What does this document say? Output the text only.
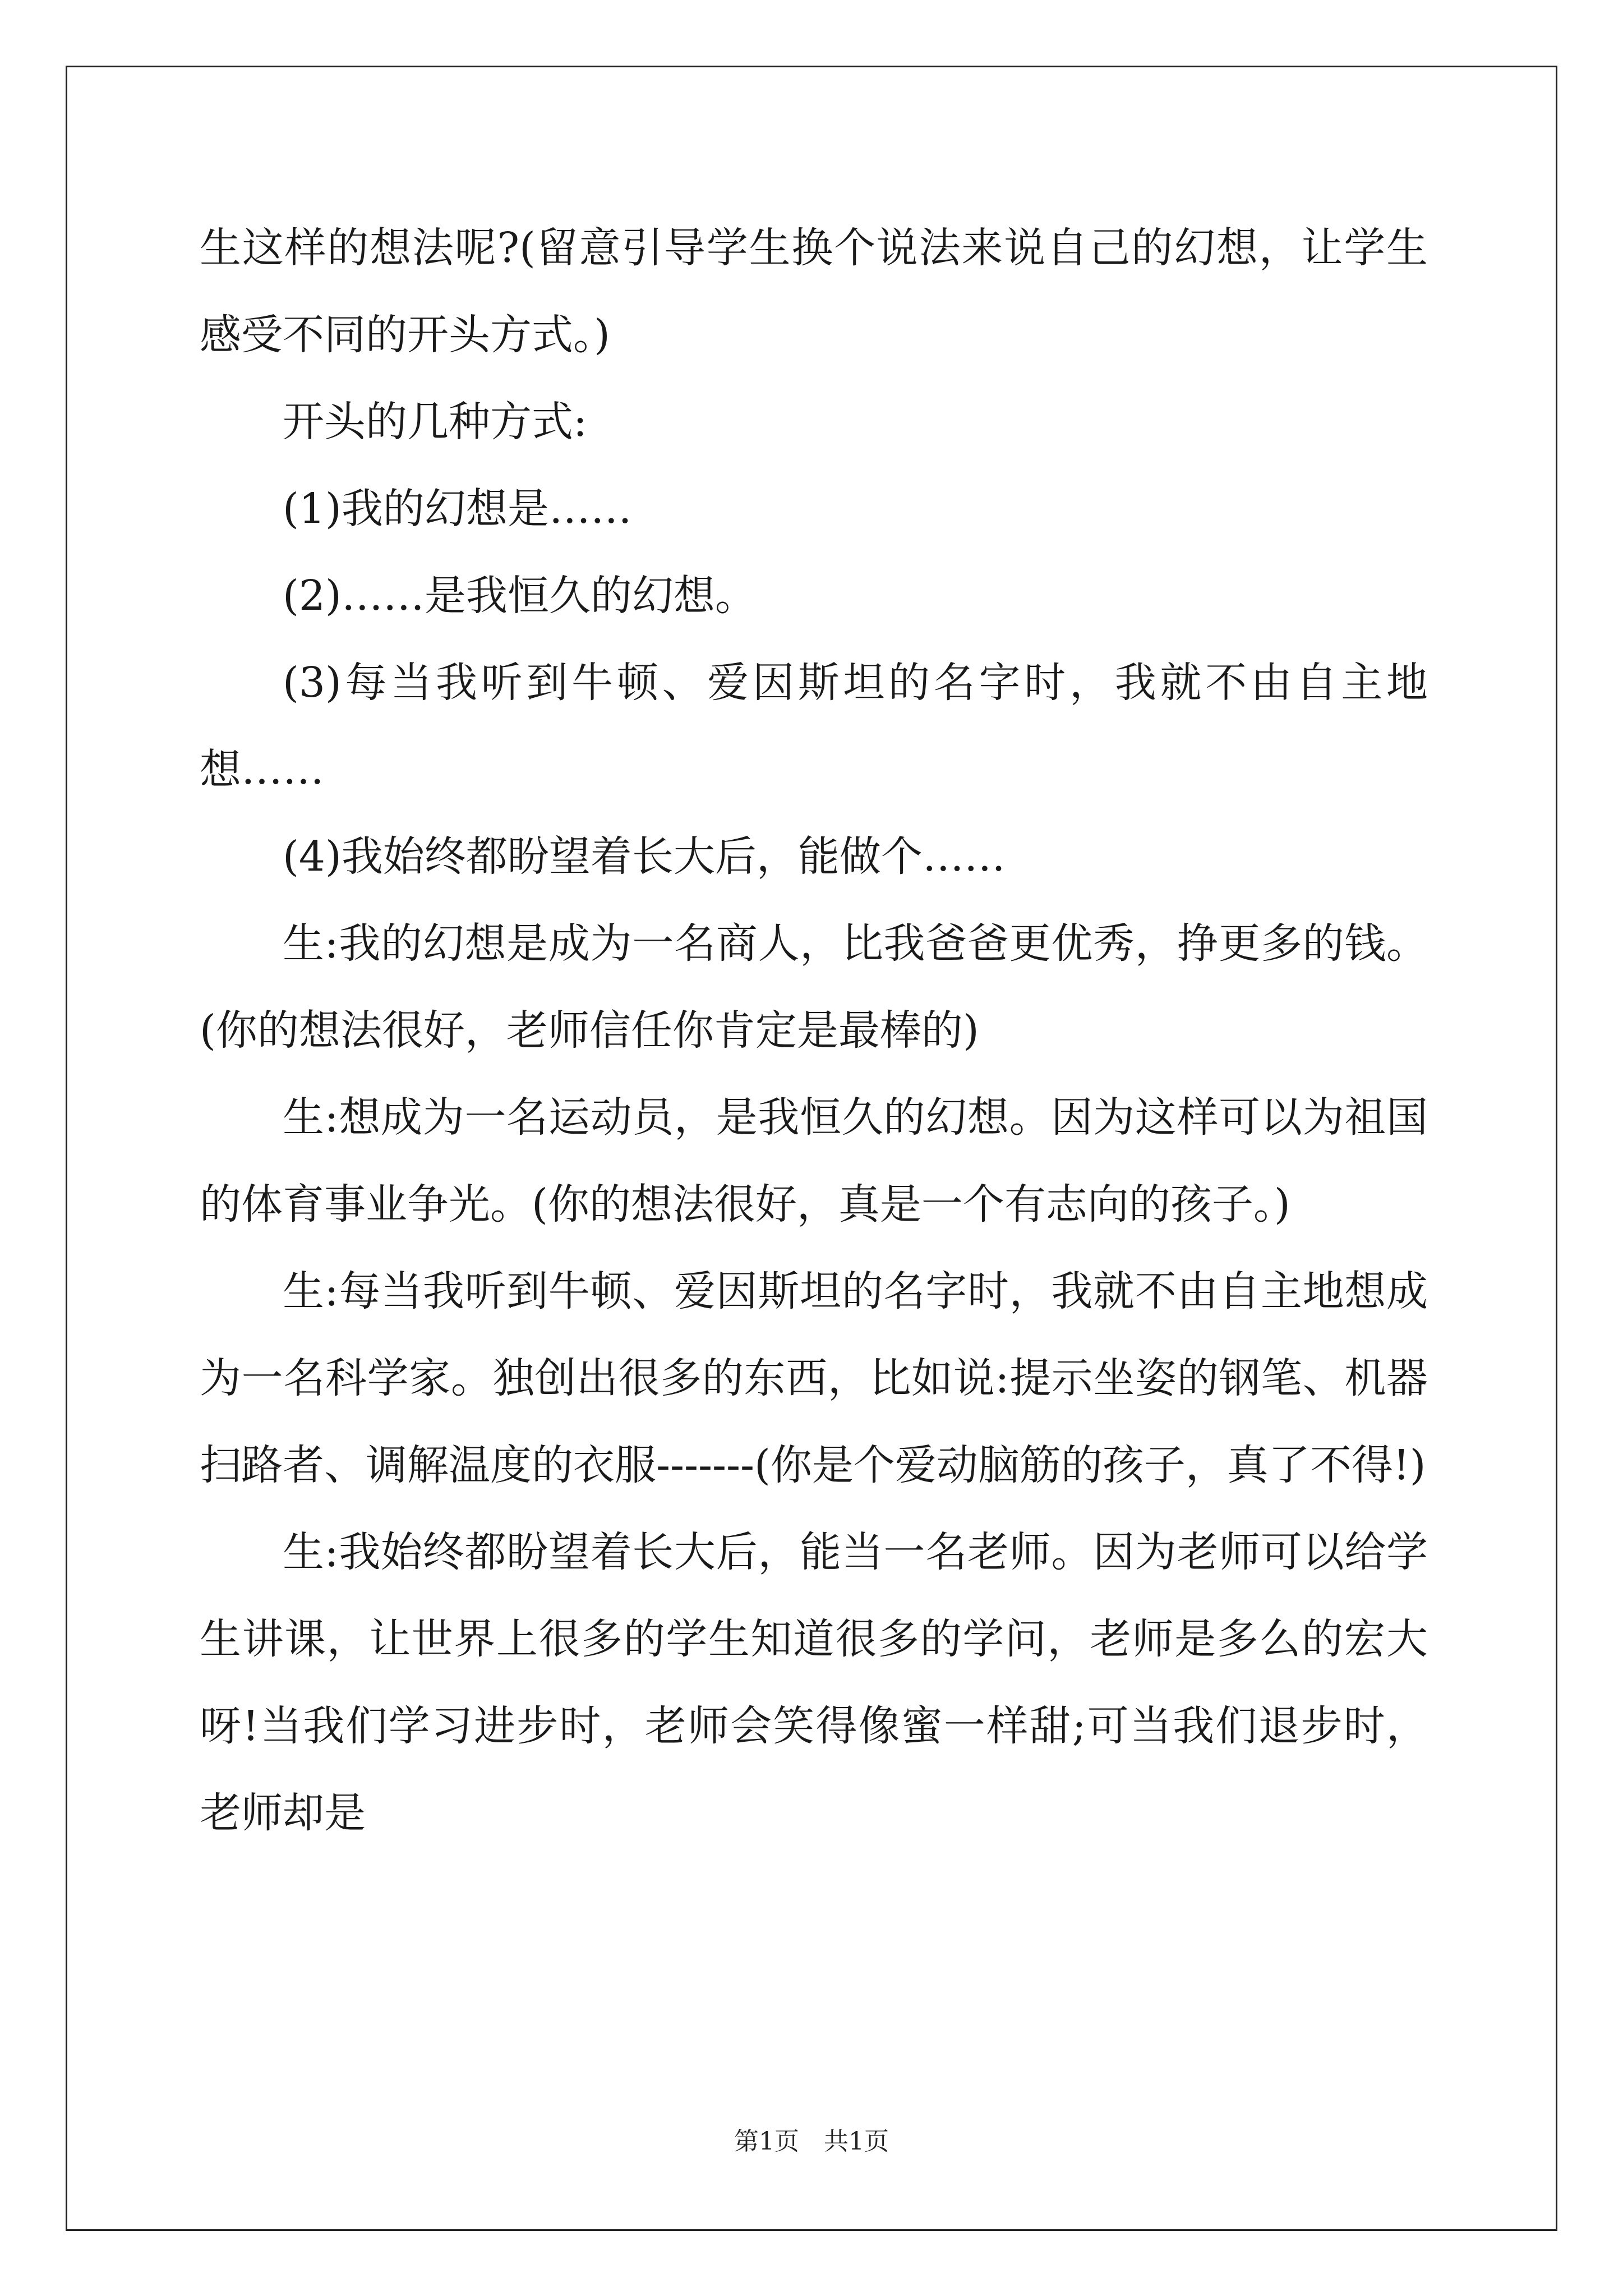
生这样的想法呢?(留意引导学生换个说法来说自己的幻想，让学生感受不同的开头方式。)

开头的几种方式:

(1)我的幻想是……

(2)……是我恒久的幻想。

(3)每当我听到牛顿、爱因斯坦的名字时，我就不由自主地想……

(4)我始终都盼望着长大后，能做个……

生:我的幻想是成为一名商人，比我爸爸更优秀，挣更多的钱。(你的想法很好，老师信任你肯定是最棒的)

生:想成为一名运动员，是我恒久的幻想。因为这样可以为祖国的体育事业争光。(你的想法很好，真是一个有志向的孩子。)

生:每当我听到牛顿、爱因斯坦的名字时，我就不由自主地想成为一名科学家。独创出很多的东西，比如说:提示坐姿的钢笔、机器扫路者、调解温度的衣服-------(你是个爱动脑筋的孩子，真了不得!)

生:我始终都盼望着长大后，能当一名老师。因为老师可以给学生讲课，让世界上很多的学生知道很多的学问，老师是多么的宏大呀!当我们学习进步时，老师会笑得像蜜一样甜;可当我们退步时，老师却是

第1页　共1页
